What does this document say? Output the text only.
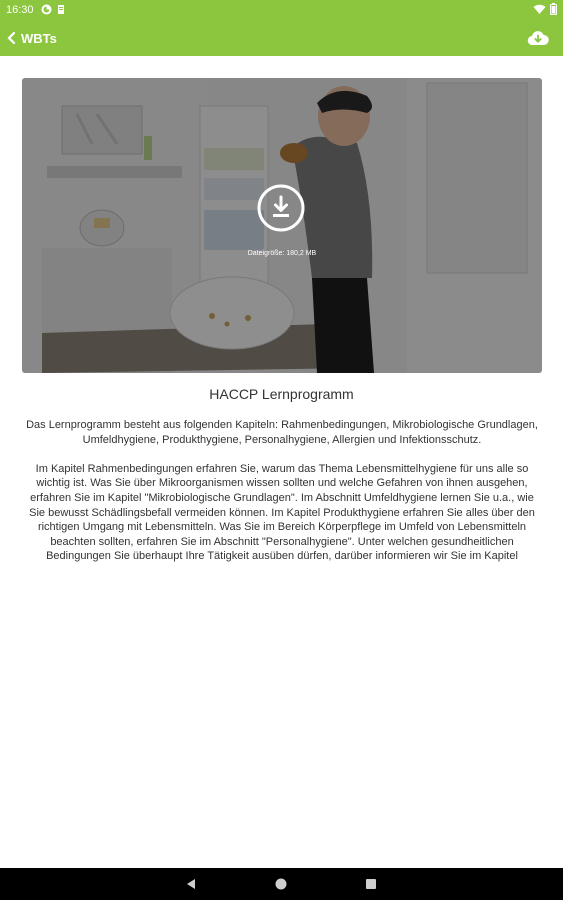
16:30
WBTs
Dateigröße: 180,2 MB
HACCP Lernprogramm

Das Lernprogramm besteht aus folgenden Kapiteln: Rahmenbedingungen, Mikrobiologische Grundlagen, Umfeldhygiene, Produkthygiene, Personalhygiene, Allergien und Infektionsschutz.

Im Kapitel Rahmenbedingungen erfahren Sie, warum das Thema Lebensmittelhygiene für uns alle so wichtig ist. Was Sie über Mikroorganismen wissen sollten und welche Gefahren von ihnen ausgehen, erfahren Sie im Kapitel "Mikrobiologische Grundlagen". Im Abschnitt Umfeldhygiene lernen Sie u.a., wie Sie bewusst Schädlingsbefall vermeiden können. Im Kapitel Produkthygiene erfahren Sie alles über den richtigen Umgang mit Lebensmitteln. Was Sie im Bereich Körperpflege im Umfeld von Lebensmitteln beachten sollten, erfahren Sie im Abschnitt "Personalhygiene". Unter welchen gesundheitlichen Bedingungen Sie überhaupt Ihre Tätigkeit ausüben dürfen, darüber informieren wir Sie im Kapitel
